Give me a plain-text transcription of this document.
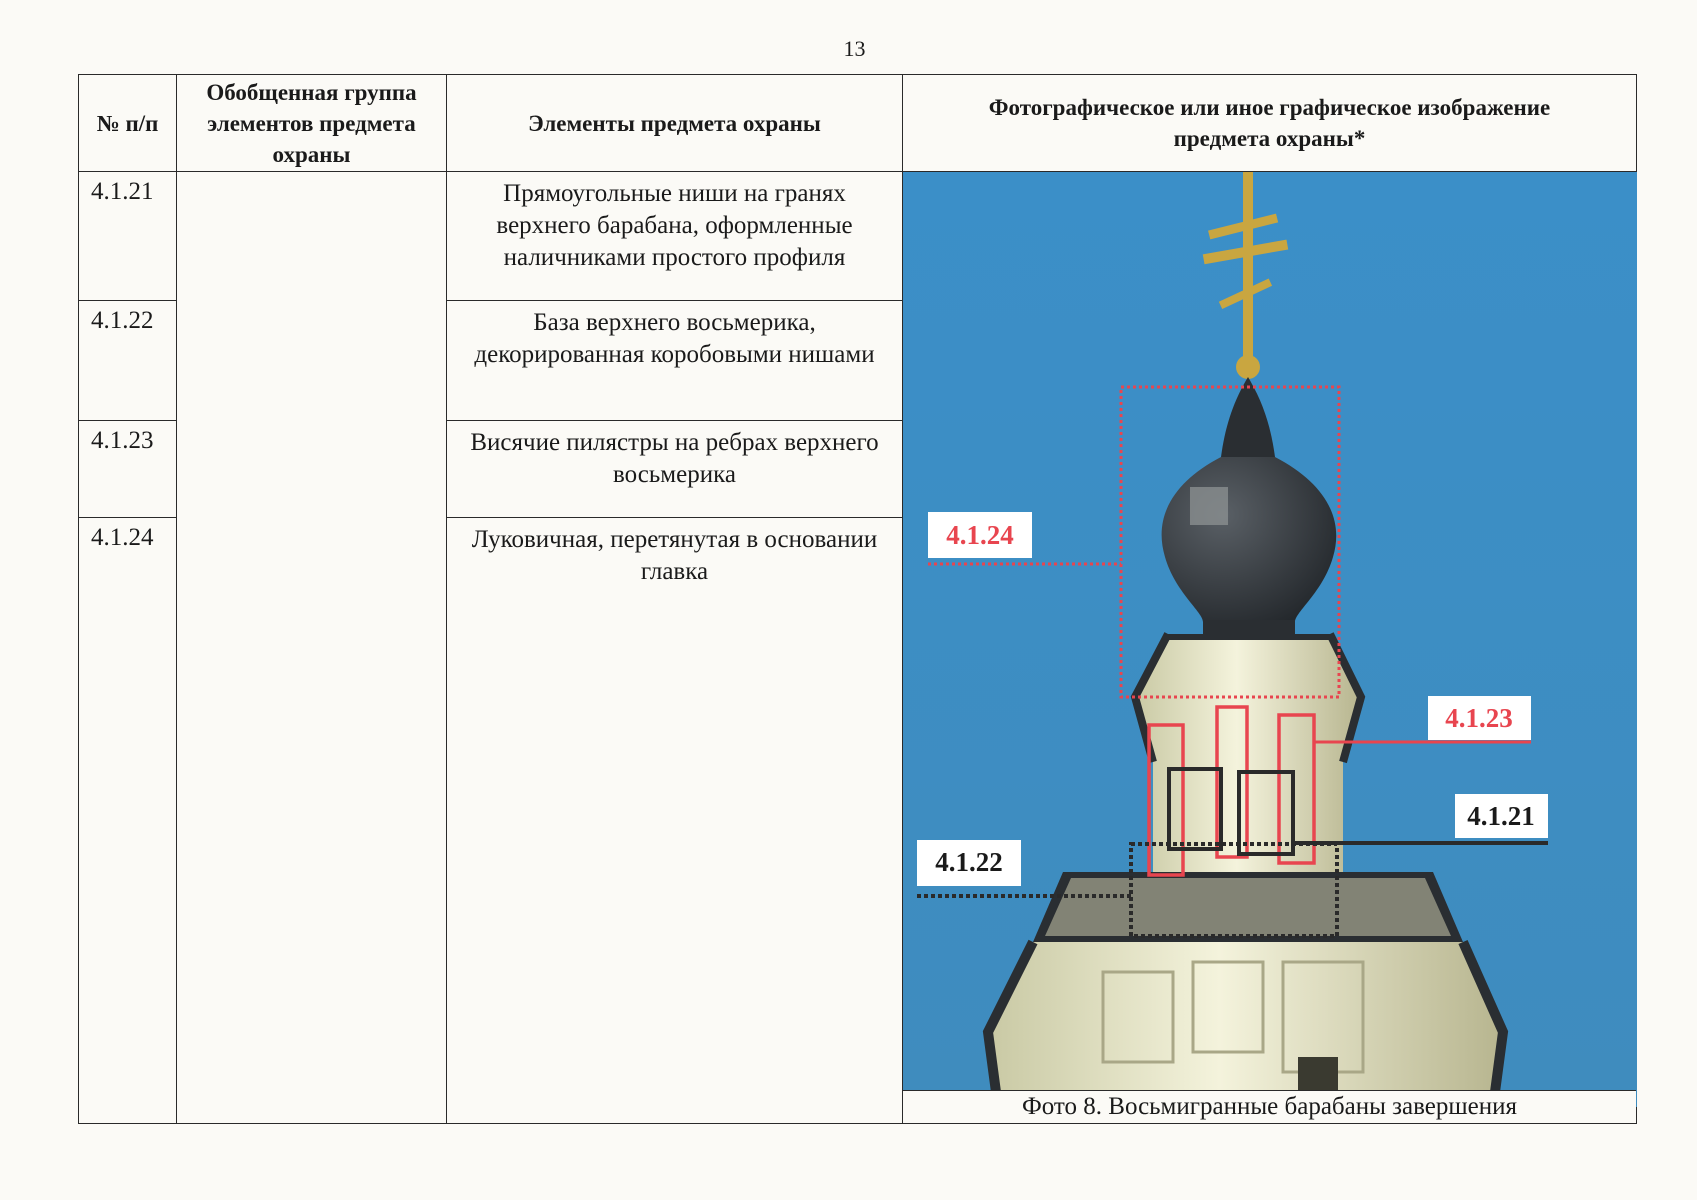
13
№ п/п	Обобщенная группа элементов предмета охраны	Элементы предмета охраны	Фотографическое или иное графическое изображение предмета охраны*
4.1.21		Прямоугольные ниши на гранях верхнего барабана, оформленные наличниками простого профиля	4.1.24
4.1.23
4.1.21
4.1.22
Фото 8. Восьмигранные барабаны завершения

4.1.22		База верхнего восьмерика, декорированная коробовыми нишами	
4.1.23		Висячие пилястры на ребрах верхнего восьмерика	
4.1.24		Луковичная, перетянутая в основании главка	
